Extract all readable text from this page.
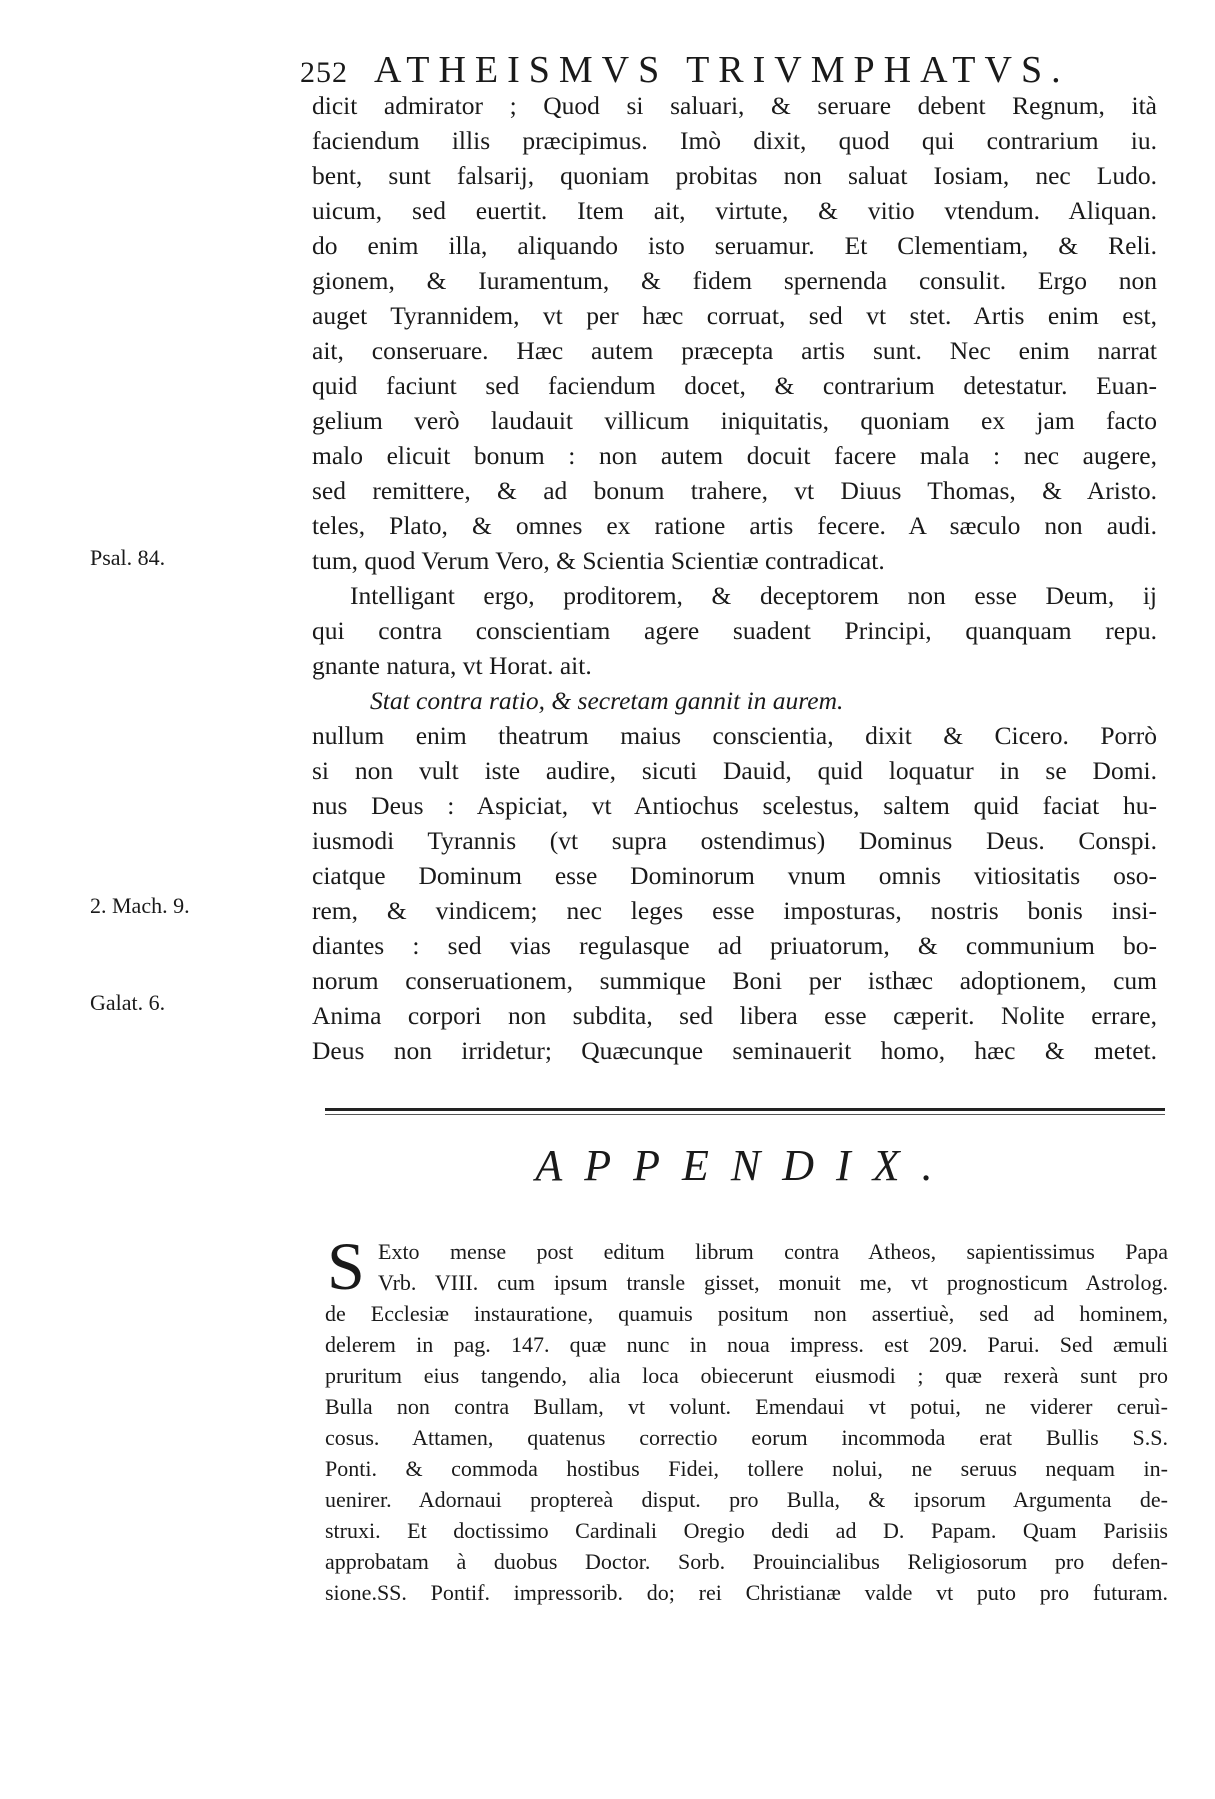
252 ATHEISMVS TRIVMPHATVS.
dicit admirator ; Quod si saluari, & seruare debent Regnum, ità
faciendum illis præcipimus. Imò dixit, quod qui contrarium iu.
bent, sunt falsarij, quoniam probitas non saluat Iosiam, nec Ludo.
uicum, sed euertit. Item ait, virtute, & vitio vtendum. Aliquan.
do enim illa, aliquando isto seruamur. Et Clementiam, & Reli.
gionem, & Iuramentum, & fidem spernenda consulit. Ergo non
auget Tyrannidem, vt per hæc corruat, sed vt stet. Artis enim est,
ait, conseruare. Hæc autem præcepta artis sunt. Nec enim narrat
quid faciunt sed faciendum docet, & contrarium detestatur. Euan-
gelium verò laudauit villicum iniquitatis, quoniam ex jam facto
malo elicuit bonum : non autem docuit facere mala : nec augere,
sed remittere, & ad bonum trahere, vt Diuus Thomas, & Aristo.
teles, Plato, & omnes ex ratione artis fecere. A sæculo non audi.
tum, quod Verum Vero, & Scientia Scientiæ contradicat.
Intelligant ergo, proditorem, & deceptorem non esse Deum, ij
qui contra conscientiam agere suadent Principi, quanquam repu.
gnante natura, vt Horat. ait.
Stat contra ratio, & secretam gannit in aurem.
nullum enim theatrum maius conscientia, dixit & Cicero. Porrò
si non vult iste audire, sicuti Dauid, quid loquatur in se Domi.
nus Deus : Aspiciat, vt Antiochus scelestus, saltem quid faciat hu-
iusmodi Tyrannis (vt supra ostendimus) Dominus Deus. Conspi.
ciatque Dominum esse Dominorum vnum omnis vitiositatis oso-
rem, & vindicem; nec leges esse imposturas, nostris bonis insi-
diantes : sed vias regulasque ad priuatorum, & communium bo-
norum conseruationem, summique Boni per isthæc adoptionem, cum
Anima corpori non subdita, sed libera esse cæperit. Nolite errare,
Deus non irridetur; Quæcunque seminauerit homo, hæc & metet.
Psal. 84.
2. Mach. 9.
Galat. 6.
APPENDIX.
S Exto mense post editum librum contra Atheos, sapientissimus Papa
Vrb. VIII. cum ipsum transle gisset, monuit me, vt prognosticum Astrolog.
de Ecclesiæ instauratione, quamuis positum non assertiuè, sed ad hominem,
delerem in pag. 147. quæ nunc in noua impress. est 209. Parui. Sed æmuli
pruritum eius tangendo, alia loca obiecerunt eiusmodi ; quæ rexerà sunt pro
Bulla non contra Bullam, vt volunt. Emendaui vt potui, ne viderer ceruì-
cosus. Attamen, quatenus correctio eorum incommoda erat Bullis S.S.
Ponti. & commoda hostibus Fidei, tollere nolui, ne seruus nequam in-
uenirer. Adornaui proptereà disput. pro Bulla, & ipsorum Argumenta de-
struxi. Et doctissimo Cardinali Oregio dedi ad D. Papam. Quam Parisiis
approbatam à duobus Doctor. Sorb. Prouincialibus Religiosorum pro defen-
sione.SS. Pontif. impressorib. do; rei Christianæ valde vt puto pro futuram.
